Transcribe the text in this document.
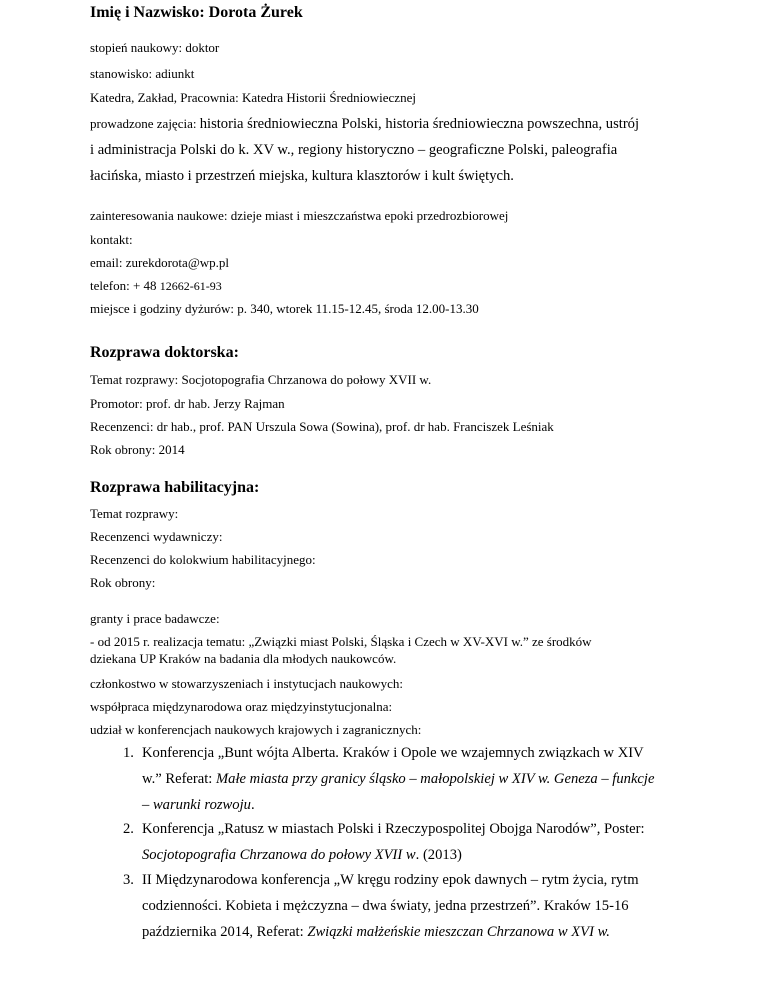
Imię i Nazwisko: Dorota Żurek
stopień naukowy: doktor
stanowisko: adiunkt
Katedra, Zakład, Pracownia: Katedra Historii Średniowiecznej
prowadzone zajęcia: historia średniowieczna Polski, historia średniowieczna powszechna, ustrój
i administracja Polski do k. XV w., regiony historyczno – geograficzne Polski, paleografia
łacińska, miasto i przestrzeń miejska, kultura klasztorów i kult świętych.
zainteresowania naukowe: dzieje miast i mieszczaństwa epoki przedrozbiorowej
kontakt:
email: zurekdorota@wp.pl
telefon: + 48 12662-61-93
miejsce i godziny dyżurów: p. 340, wtorek 11.15-12.45, środa 12.00-13.30
Rozprawa doktorska:
Temat rozprawy: Socjotopografia Chrzanowa do połowy XVII w.
Promotor: prof. dr hab. Jerzy Rajman
Recenzenci: dr hab., prof. PAN Urszula Sowa (Sowina), prof. dr hab. Franciszek Leśniak
Rok obrony: 2014
Rozprawa habilitacyjna:
Temat rozprawy:
Recenzenci wydawniczy:
Recenzenci do kolokwium habilitacyjnego:
Rok obrony:
granty i prace badawcze:
- od 2015 r. realizacja tematu: „Związki miast Polski, Śląska i Czech w XV-XVI w.” ze środków
dziekana UP Kraków na badania dla młodych naukowców.
członkostwo w stowarzyszeniach i instytucjach naukowych:
współpraca międzynarodowa oraz międzyinstytucjonalna:
udział w konferencjach naukowych krajowych i zagranicznych:
1. Konferencja „Bunt wójta Alberta. Kraków i Opole we wzajemnych związkach w XIV
w.” Referat: Małe miasta przy granicy śląsko – małopolskiej w XIV w. Geneza – funkcje
– warunki rozwoju.
2. Konferencja „Ratusz w miastach Polski i Rzeczypospolitej Obojga Narodów”, Poster:
Socjotopografia Chrzanowa do połowy XVII w. (2013)
3. II Międzynarodowa konferencja „W kręgu rodziny epok dawnych – rytm życia, rytm
codzienności. Kobieta i mężczyzna – dwa światy, jedna przestrzeń”. Kraków 15-16
października 2014, Referat: Związki małżeńskie mieszczan Chrzanowa w XVI w.
